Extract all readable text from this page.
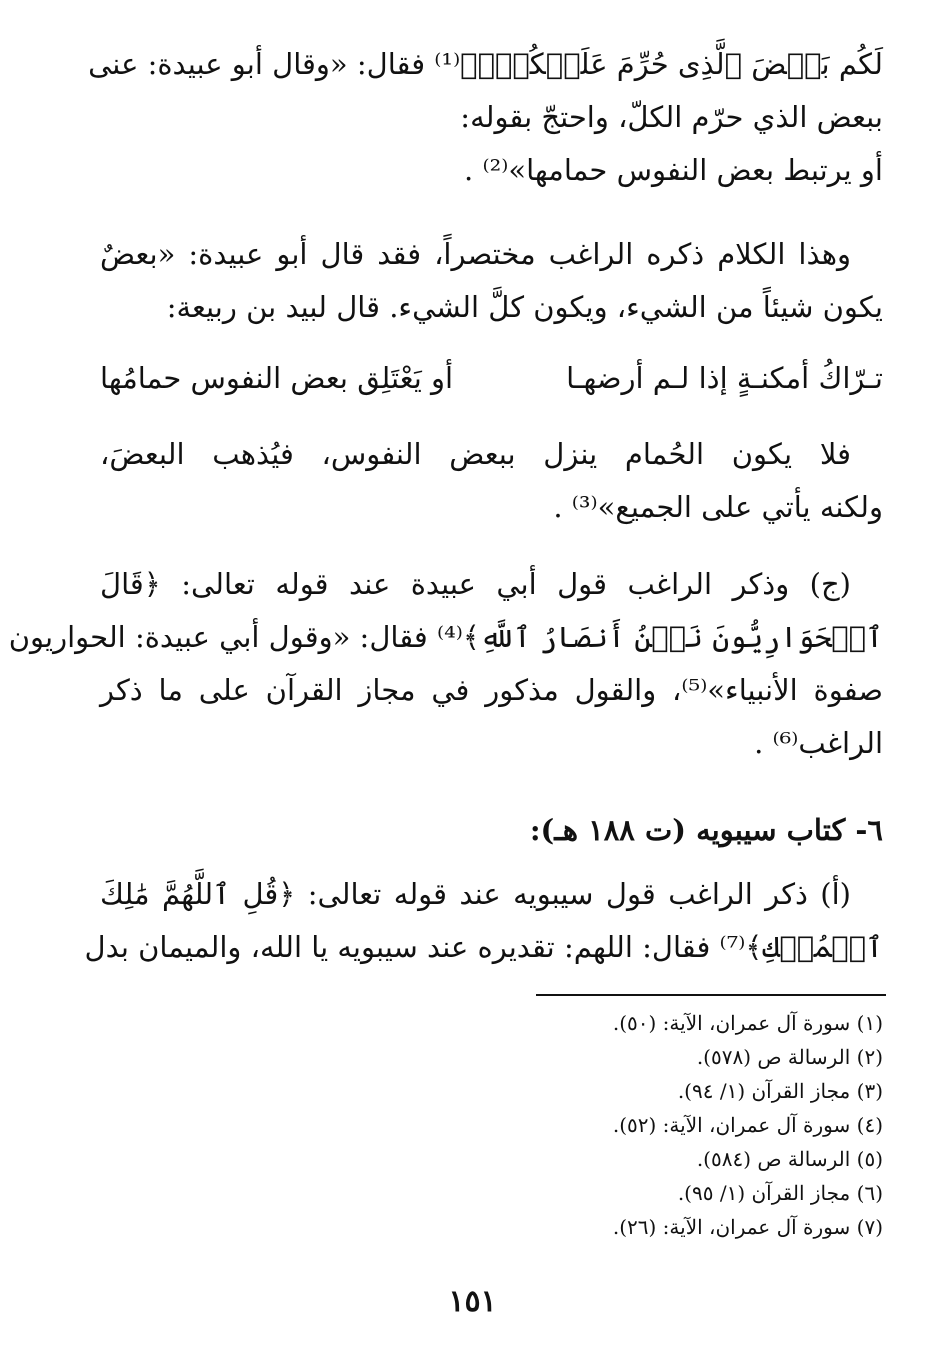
لَكُم بَعۡضَ ٱلَّذِى حُرِّمَ عَلَيۡكُمۡۚ﴾⁽¹⁾ فقال: «وقال أبو عبيدة: عنى
ببعض الذي حرّم الكلّ، واحتجّ بقوله:
أو يرتبط بعض النفوس حمامها»⁽²⁾ .
وهذا الكلام ذكره الراغب مختصراً، فقد قال أبو عبيدة: «بعضٌ
يكون شيئاً من الشيء، ويكون كلَّ الشيء. قال لبيد بن ربيعة:
تـرّاكُ أمكنـةٍ إذا لـم أرضهـا
أو يَعْتَلِق بعض النفوس حمامُها
فلا يكون الحُمام ينزل ببعض النفوس، فيُذهب البعضَ،
ولكنه يأتي على الجميع»⁽³⁾ .
(ج) وذكر الراغب قول أبي عبيدة عند قوله تعالى: ﴿قَالَ
ٱلۡحَوَارِيُّونَ نَحۡنُ أَنصَارُ ٱللَّهِ﴾⁽⁴⁾ فقال: «وقول أبي عبيدة: الحواريون
صفوة الأنبياء»⁽⁵⁾، والقول مذكور في مجاز القرآن على ما ذكر
الراغب⁽⁶⁾ .
٦- كتاب سيبويه (ت ١٨٨ هـ):
(أ) ذكر الراغب قول سيبويه عند قوله تعالى: ﴿قُلِ ٱللَّهُمَّ مَٰلِكَ
ٱلۡمُلۡكِ﴾⁽⁷⁾ فقال: اللهم: تقديره عند سيبويه يا الله، والميمان بدل
(١) سورة آل عمران، الآية: (٥٠).
(٢) الرسالة ص (٥٧٨).
(٣) مجاز القرآن (١/ ٩٤).
(٤) سورة آل عمران، الآية: (٥٢).
(٥) الرسالة ص (٥٨٤).
(٦) مجاز القرآن (١/ ٩٥).
(٧) سورة آل عمران، الآية: (٢٦).
١٥١
